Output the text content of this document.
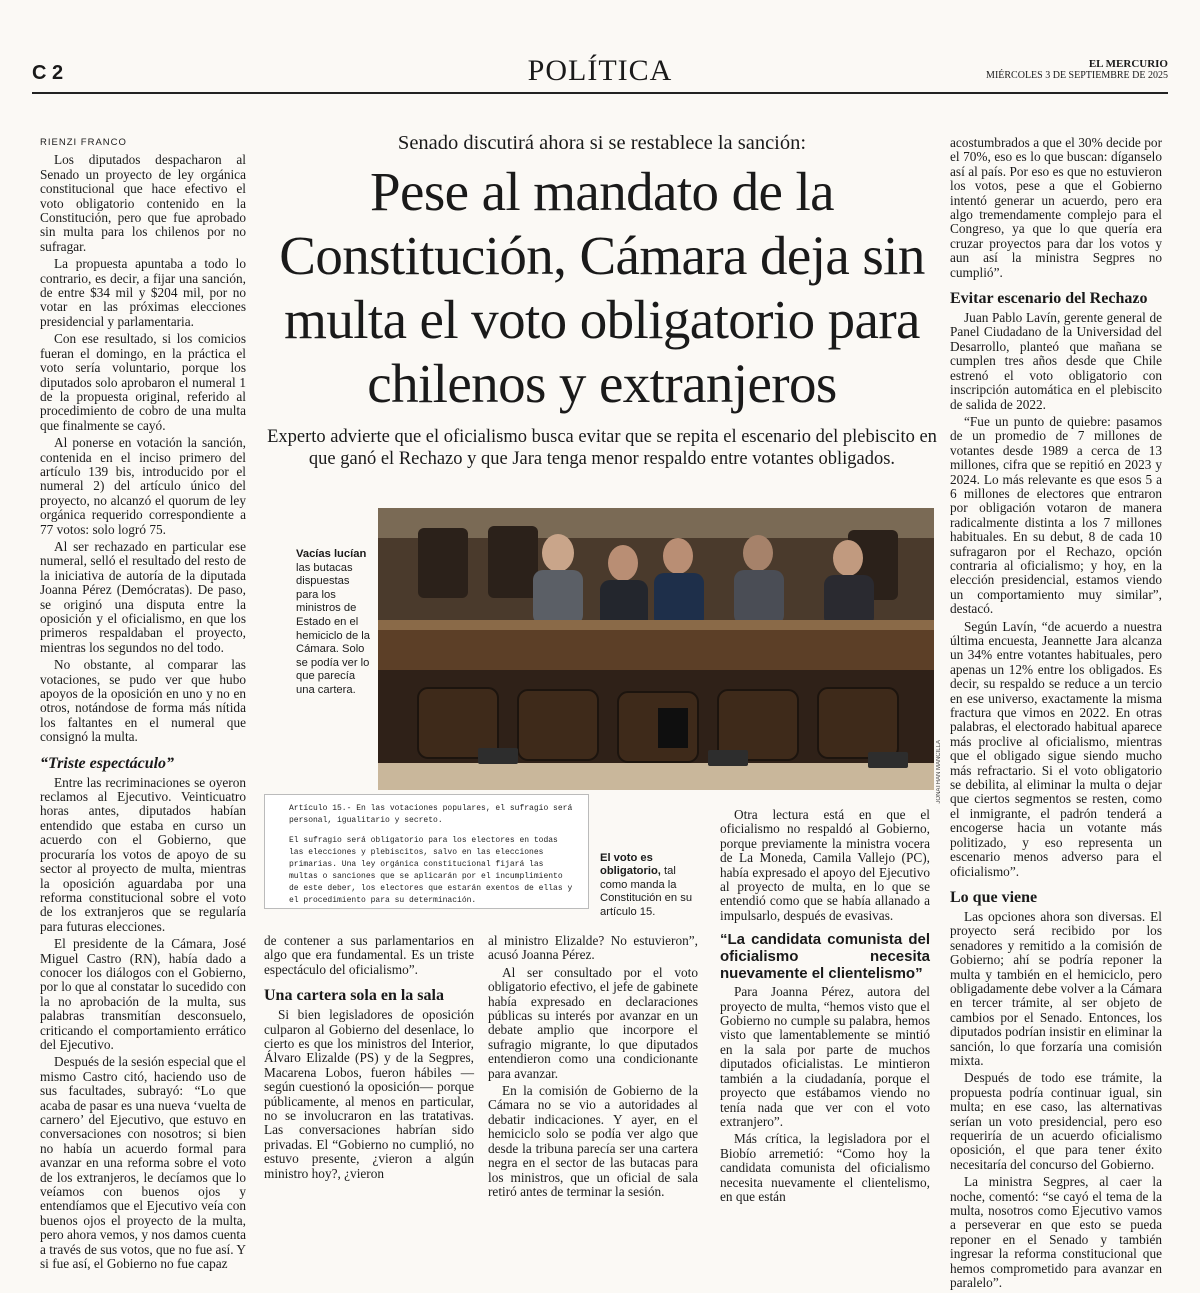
C 2	POLÍTICA	EL MERCURIO
MIÉRCOLES 3 DE SEPTIEMBRE DE 2025

RIENZI FRANCO

Los diputados despacharon al Senado un proyecto de ley orgánica constitucional que hace efectivo el voto obligatorio contenido en la Constitución, pero que fue aprobado sin multa para los chilenos por no sufragar.

La propuesta apuntaba a todo lo contrario, es decir, a fijar una sanción, de entre $34 mil y $204 mil, por no votar en las próximas elecciones presidencial y parlamentaria.

Con ese resultado, si los comicios fueran el domingo, en la práctica el voto sería voluntario, porque los diputados solo aprobaron el numeral 1 de la propuesta original, referido al procedimiento de cobro de una multa que finalmente se cayó.

Al ponerse en votación la sanción, contenida en el inciso primero del artículo 139 bis, introducido por el numeral 2) del artículo único del proyecto, no alcanzó el quorum de ley orgánica requerido correspondiente a 77 votos: solo logró 75.

Al ser rechazado en particular ese numeral, selló el resultado del resto de la iniciativa de autoría de la diputada Joanna Pérez (Demócratas). De paso, se originó una disputa entre la oposición y el oficialismo, en que los primeros respaldaban el proyecto, mientras los segundos no del todo.

No obstante, al comparar las votaciones, se pudo ver que hubo apoyos de la oposición en uno y no en otros, notándose de forma más nítida los faltantes en el numeral que consignó la multa.

“Triste espectáculo”

Entre las recriminaciones se oyeron reclamos al Ejecutivo. Veinticuatro horas antes, diputados habían entendido que estaba en curso un acuerdo con el Gobierno, que procuraría los votos de apoyo de su sector al proyecto de multa, mientras la oposición aguardaba por una reforma constitucional sobre el voto de los extranjeros que se regularía para futuras elecciones.

El presidente de la Cámara, José Miguel Castro (RN), había dado a conocer los diálogos con el Gobierno, por lo que al constatar lo sucedido con la no aprobación de la multa, sus palabras transmitían desconsuelo, criticando el comportamiento errático del Ejecutivo.

Después de la sesión especial que el mismo Castro citó, haciendo uso de sus facultades, subrayó: “Lo que acaba de pasar es una nueva ‘vuelta de carnero’ del Ejecutivo, que estuvo en conversaciones con nosotros; si bien no había un acuerdo formal para avanzar en una reforma sobre el voto de los extranjeros, le decíamos que lo veíamos con buenos ojos y entendíamos que el Ejecutivo veía con buenos ojos el proyecto de la multa, pero ahora vemos, y nos damos cuenta a través de sus votos, que no fue así. Y si fue así, el Gobierno no fue capaz

Senado discutirá ahora si se restablece la sanción:
Pese al mandato de la Constitución, Cámara deja sin multa el voto obligatorio para chilenos y extranjeros
Experto advierte que el oficialismo busca evitar que se repita el escenario del plebiscito en que ganó el Rechazo y que Jara tenga menor respaldo entre votantes obligados.
Vacías lucían las butacas dispuestas para los ministros de Estado en el hemiciclo de la Cámara. Solo se podía ver lo que parecía una cartera.
JONATHAN MANCILLA

Artículo 15.- En las votaciones populares, el sufragio será personal, igualitario y secreto.

El sufragio será obligatorio para los electores en todas las elecciones y plebiscitos, salvo en las elecciones primarias. Una ley orgánica constitucional fijará las multas o sanciones que se aplicarán por el incumplimiento de este deber, los electores que estarán exentos de ellas y el procedimiento para su determinación.

El voto es obligatorio, tal como manda la Constitución en su artículo 15.

de contener a sus parlamentarios en algo que era fundamental. Es un triste espectáculo del oficialismo”.

Una cartera sola en la sala

Si bien legisladores de oposición culparon al Gobierno del desenlace, lo cierto es que los ministros del Interior, Álvaro Elizalde (PS) y de la Segpres, Macarena Lobos, fueron hábiles —según cuestionó la oposición— porque públicamente, al menos en particular, no se involucraron en las tratativas. Las conversaciones habrían sido privadas. El “Gobierno no cumplió, no estuvo presente, ¿vieron a algún ministro hoy?, ¿vieron

al ministro Elizalde? No estuvieron”, acusó Joanna Pérez.

Al ser consultado por el voto obligatorio efectivo, el jefe de gabinete había expresado en declaraciones públicas su interés por avanzar en un debate amplio que incorpore el sufragio migrante, lo que diputados entendieron como una condicionante para avanzar.

En la comisión de Gobierno de la Cámara no se vio a autoridades al debatir indicaciones. Y ayer, en el hemiciclo solo se podía ver algo que desde la tribuna parecía ser una cartera negra en el sector de las butacas para los ministros, que un oficial de sala retiró antes de terminar la sesión.

Otra lectura está en que el oficialismo no respaldó al Gobierno, porque previamente la ministra vocera de La Moneda, Camila Vallejo (PC), había expresado el apoyo del Ejecutivo al proyecto de multa, en lo que se entendió como que se había allanado a impulsarlo, después de evasivas.

“La candidata comunista del oficialismo necesita nuevamente el clientelismo”

Para Joanna Pérez, autora del proyecto de multa, “hemos visto que el Gobierno no cumple su palabra, hemos visto que lamentablemente se mintió en la sala por parte de muchos diputados oficialistas. Le mintieron también a la ciudadanía, porque el proyecto que estábamos viendo no tenía nada que ver con el voto extranjero”.

Más crítica, la legisladora por el Biobío arremetió: “Como hoy la candidata comunista del oficialismo necesita nuevamente el clientelismo, en que están

acostumbrados a que el 30% decide por el 70%, eso es lo que buscan: díganselo así al país. Por eso es que no estuvieron los votos, pese a que el Gobierno intentó generar un acuerdo, pero era algo tremendamente complejo para el Congreso, ya que lo que quería era cruzar proyectos para dar los votos y aun así la ministra Segpres no cumplió”.

Evitar escenario del Rechazo

Juan Pablo Lavín, gerente general de Panel Ciudadano de la Universidad del Desarrollo, planteó que mañana se cumplen tres años desde que Chile estrenó el voto obligatorio con inscripción automática en el plebiscito de salida de 2022.

“Fue un punto de quiebre: pasamos de un promedio de 7 millones de votantes desde 1989 a cerca de 13 millones, cifra que se repitió en 2023 y 2024. Lo más relevante es que esos 5 a 6 millones de electores que entraron por obligación votaron de manera radicalmente distinta a los 7 millones habituales. En su debut, 8 de cada 10 sufragaron por el Rechazo, opción contraria al oficialismo; y hoy, en la elección presidencial, estamos viendo un comportamiento muy similar”, destacó.

Según Lavín, “de acuerdo a nuestra última encuesta, Jeannette Jara alcanza un 34% entre votantes habituales, pero apenas un 12% entre los obligados. Es decir, su respaldo se reduce a un tercio en ese universo, exactamente la misma fractura que vimos en 2022. En otras palabras, el electorado habitual aparece más proclive al oficialismo, mientras que el obligado sigue siendo mucho más refractario. Si el voto obligatorio se debilita, al eliminar la multa o dejar que ciertos segmentos se resten, como el inmigrante, el padrón tenderá a encogerse hacia un votante más politizado, y eso representa un escenario menos adverso para el oficialismo”.

Lo que viene

Las opciones ahora son diversas. El proyecto será recibido por los senadores y remitido a la comisión de Gobierno; ahí se podría reponer la multa y también en el hemiciclo, pero obligadamente debe volver a la Cámara en tercer trámite, al ser objeto de cambios por el Senado. Entonces, los diputados podrían insistir en eliminar la sanción, lo que forzaría una comisión mixta.

Después de todo ese trámite, la propuesta podría continuar igual, sin multa; en ese caso, las alternativas serían un voto presidencial, pero eso requeriría de un acuerdo oficialismo oposición, el que para tener éxito necesitaría del concurso del Gobierno.

La ministra Segpres, al caer la noche, comentó: “se cayó el tema de la multa, nosotros como Ejecutivo vamos a perseverar en que esto se pueda reponer en el Senado y también ingresar la reforma constitucional que hemos comprometido para avanzar en paralelo”.
